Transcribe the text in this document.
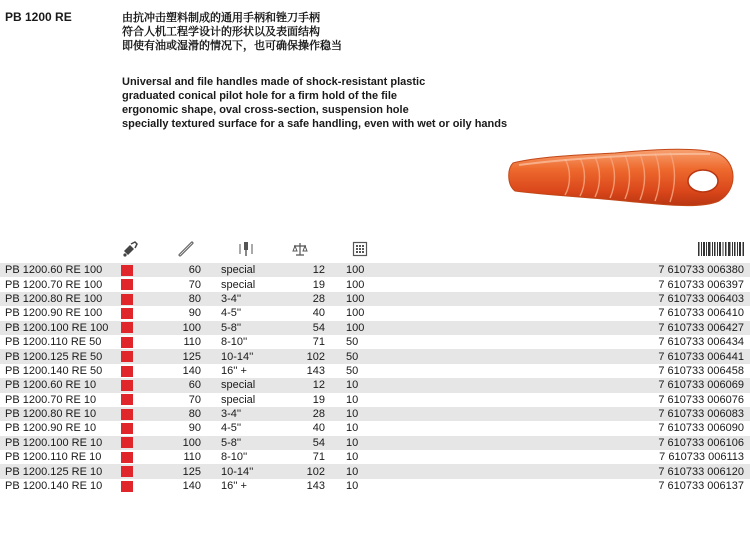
PB 1200 RE	由抗冲击塑料制成的通用手柄和锉刀手柄
符合人机工程学设计的形状以及表面结构
即使有油或湿滑的情况下，也可确保操作稳当
Universal and file handles made of shock-resistant plastic
graduated conical pilot hole for a firm hold of the file
ergonomic shape, oval cross-section, suspension hole
specially textured surface for a safe handling, even with wet or oily hands
PB 1200.60 RE 100		60		special	12		100	7 610733 006380
PB 1200.70 RE 100		70		special	19		100	7 610733 006397
PB 1200.80 RE 100		80		3-4''	28		100	7 610733 006403
PB 1200.90 RE 100		90		4-5''	40		100	7 610733 006410
PB 1200.100 RE 100		100		5-8''	54		100	7 610733 006427
PB 1200.110 RE 50		110		8-10''	71		50	7 610733 006434
PB 1200.125 RE 50		125		10-14''	102		50	7 610733 006441
PB 1200.140 RE 50		140		16'' +	143		50	7 610733 006458
PB 1200.60 RE 10		60		special	12		10	7 610733 006069
PB 1200.70 RE 10		70		special	19		10	7 610733 006076
PB 1200.80 RE 10		80		3-4''	28		10	7 610733 006083
PB 1200.90 RE 10		90		4-5''	40		10	7 610733 006090
PB 1200.100 RE 10		100		5-8''	54		10	7 610733 006106
PB 1200.110 RE 10		110		8-10''	71		10	7 610733 006113
PB 1200.125 RE 10		125		10-14''	102		10	7 610733 006120
PB 1200.140 RE 10		140		16'' +	143		10	7 610733 006137
